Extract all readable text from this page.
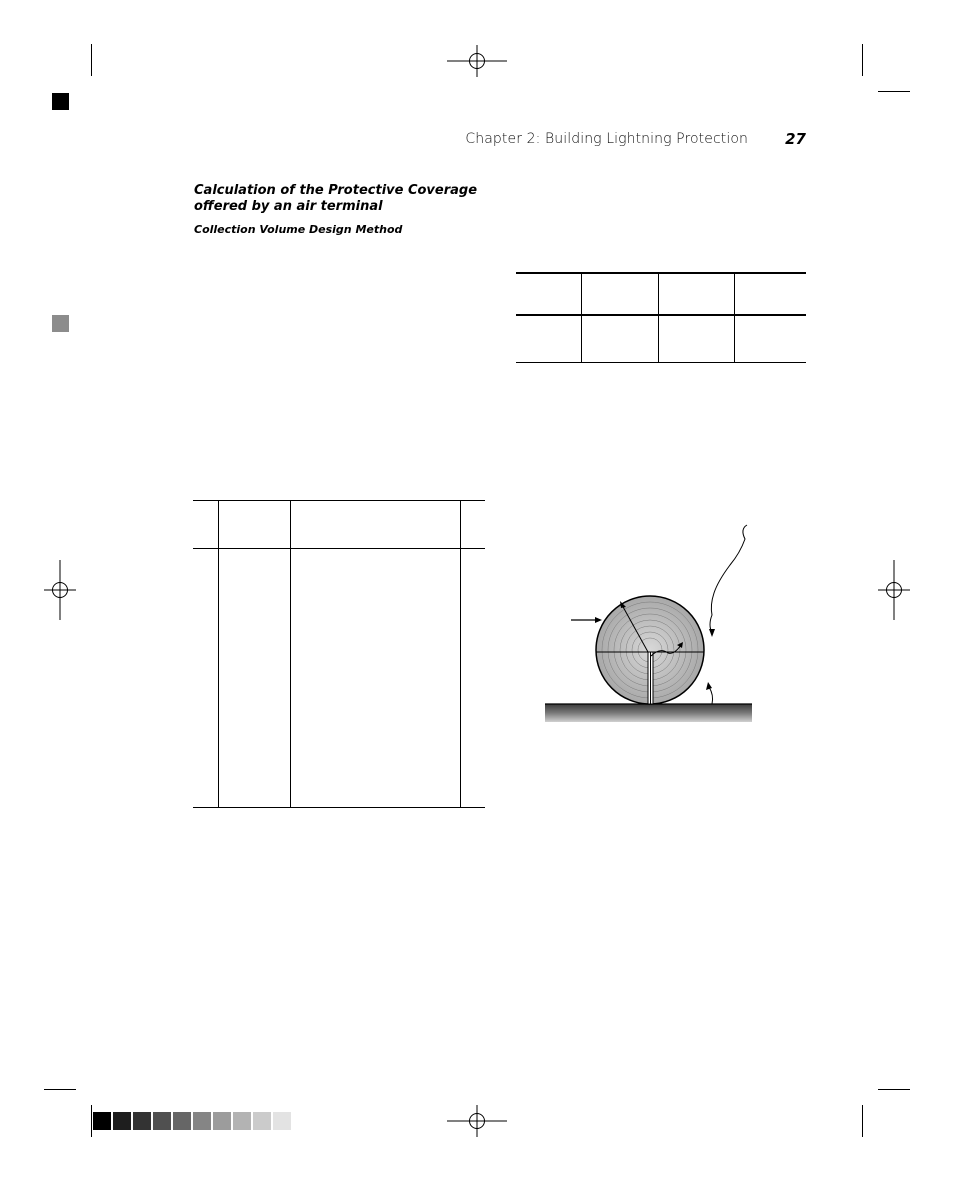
Chapter 2: Building Lightning Protection	27
Calculation of the Protective Coverage
offered by an air terminal
Collection Volume Design Method
